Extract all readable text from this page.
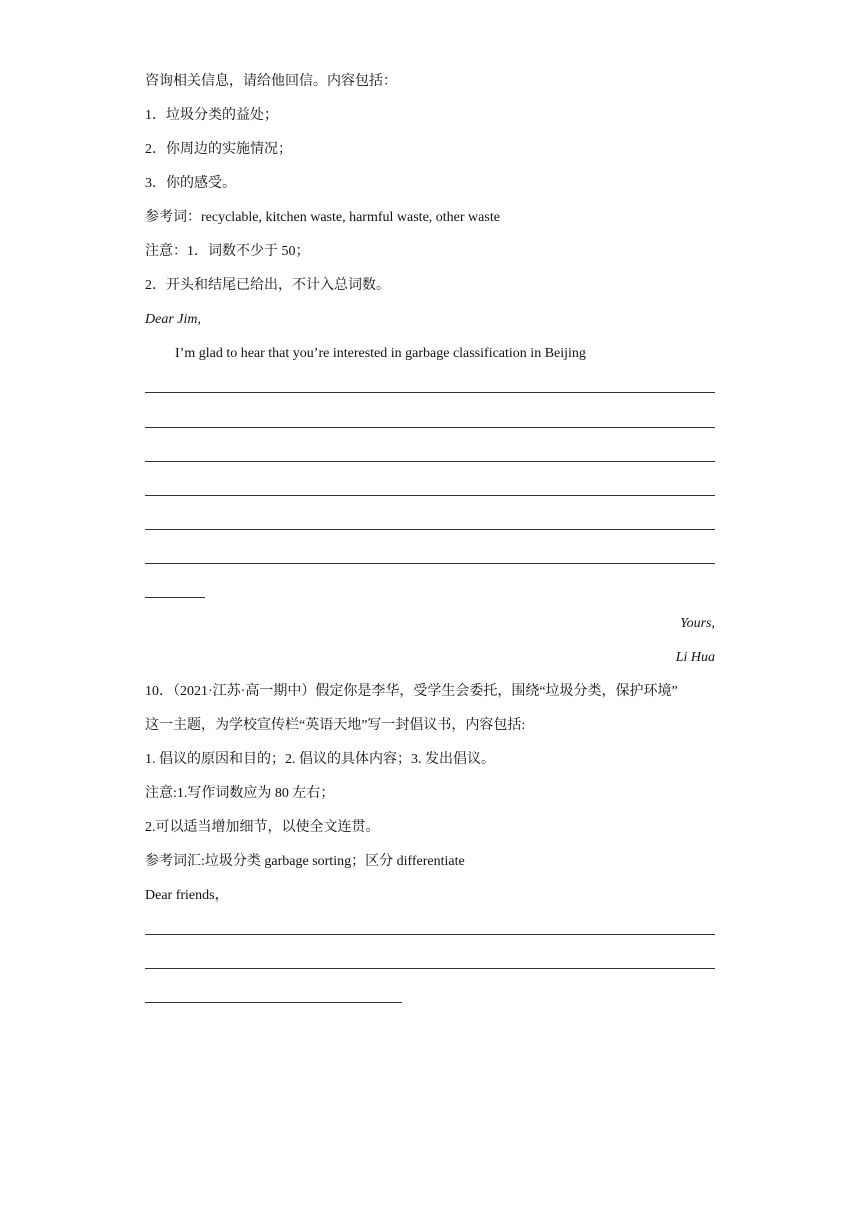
咨询相关信息，请给他回信。内容包括：
1．垃圾分类的益处；
2．你周边的实施情况；
3．你的感受。
参考词：recyclable, kitchen waste, harmful waste, other waste
注意：1．词数不少于 50；
2．开头和结尾已给出，不计入总词数。
Dear Jim,
I’m glad to hear that you’re interested in garbage classification in Beijing
Yours,
Li Hua
10．（2021·江苏·高一期中）假定你是李华，受学生会委托，围绕“垃圾分类，保护环境”
这一主题，为学校宣传栏“英语天地”写一封倡议书，内容包括:
1. 倡议的原因和目的；2. 倡议的具体内容；3. 发出倡议。
注意:1.写作词数应为 80 左右；
2.可以适当增加细节，以使全文连贯。
参考词汇:垃圾分类 garbage sorting；区分 differentiate
Dear friends，
